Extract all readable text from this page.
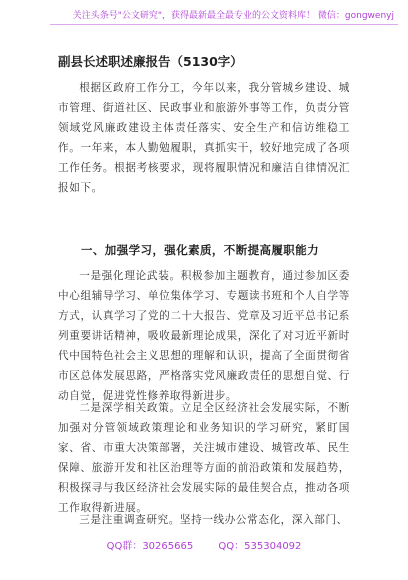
关注头条号"公文研究"，获得最新最全最专业的公文资料库！ 微信：gongwenyj
副县长述职述廉报告（5130字）

根据区政府工作分工，今年以来，我分管城乡建设、城市管理、街道社区、民政事业和旅游外事等工作，负责分管领域党风廉政建设主体责任落实、安全生产和信访维稳工作。一年来，本人勤勉履职，真抓实干，较好地完成了各项工作任务。根据考核要求，现将履职情况和廉洁自律情况汇报如下。

一、加强学习，强化素质，不断提高履职能力

一是强化理论武装。积极参加主题教育，通过参加区委中心组辅导学习、单位集体学习、专题读书班和个人自学等方式，认真学习了党的二十大报告、党章及习近平总书记系列重要讲话精神，吸收最新理论成果，深化了对习近平新时代中国特色社会主义思想的理解和认识，提高了全面贯彻省市区总体发展思路，严格落实党风廉政责任的思想自觉、行动自觉，促进党性修养取得新进步。

二是深学相关政策。立足全区经济社会发展实际，不断加强对分管领域政策理论和业务知识的学习研究，紧盯国家、省、市重大决策部署，关注城市建设、城管改革、民生保障、旅游开发和社区治理等方面的前沿政策和发展趋势，积极探寻与我区经济社会发展实际的最佳契合点，推动各项工作取得新进展。

三是注重调查研究。坚持一线办公常态化，深入部门、

QQ群：30265665	QQ：535304092
